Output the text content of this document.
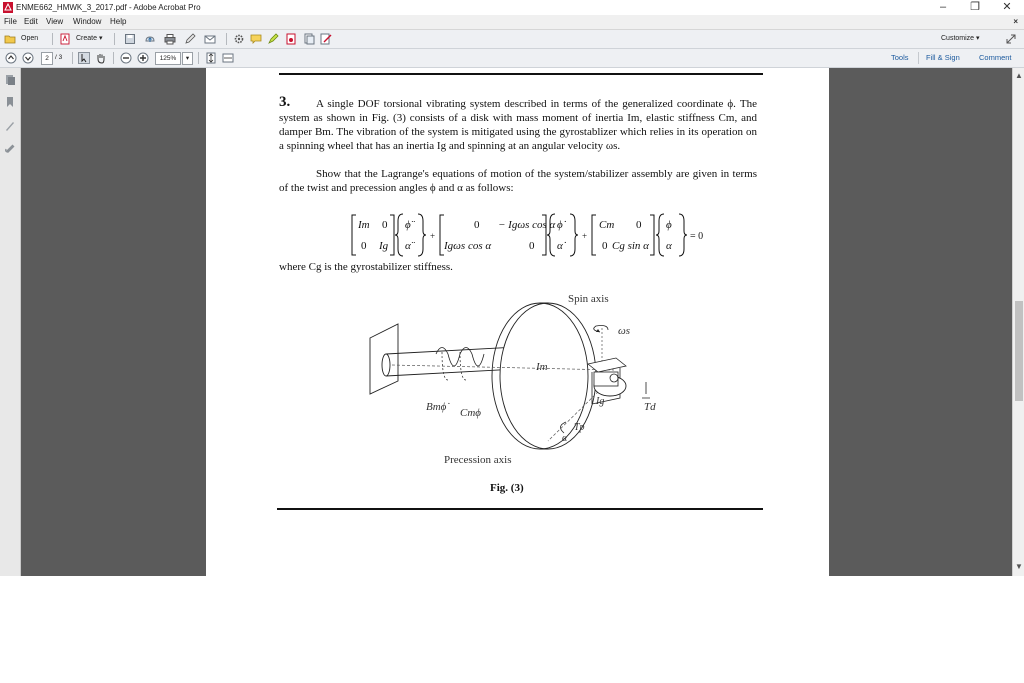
ENME662_HMWK_3_2017.pdf - Adobe Acrobat Pro	–	❐	✕
File Edit View Window Help	×
Open	Create ▾	Customize ▾
2 / 3	125%	▾	Tools Fill & Sign	Comment
3.	A single DOF torsional vibrating system described in terms of the generalized coordinate ϕ. The system as shown in Fig. (3) consists of a disk with mass moment of inertia Im, elastic stiffness Cm, and damper Bm. The vibration of the system is mitigated using the gyrostablizer which relies in its operation on a spinning wheel that has an inertia Ig and spinning at an angular velocity ωs.
Show that the Lagrange's equations of motion of the system/stabilizer assembly are given in terms of the twist and precession angles ϕ and α as follows:
Im 0
0 Ig
ϕ̈
α̈
+
0 − Igωs cos α
Igωs cos α	0
ϕ̇
α̇
+
Cm 0
0 Cg sin α
ϕ
α
= 0
where Cg is the gyrostabilizer stiffness.
Spin axis
ωs
Im
Ig	Td
Tp
α
Bmϕ̇	Cmϕ
Precession axis
Fig. (3)
▲
▼
